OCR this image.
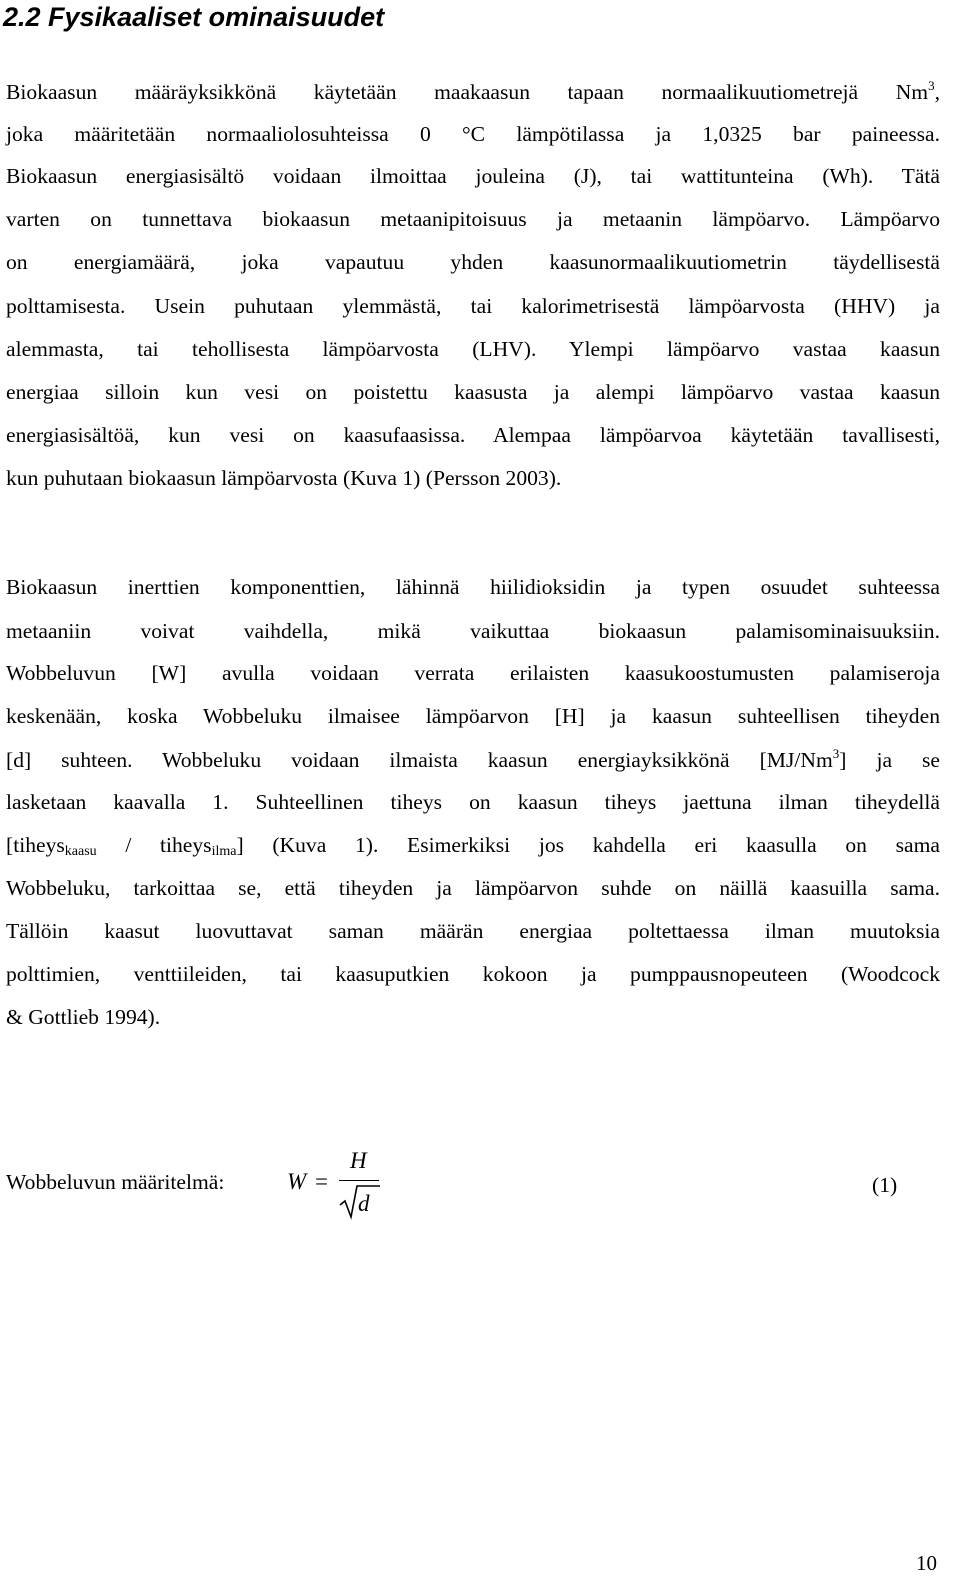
2.2 Fysikaaliset ominaisuudet
Biokaasun määräyksikkönä käytetään maakaasun tapaan normaalikuutiometrejä Nm$^3$,
joka määritetään normaaliolosuhteissa 0 °C lämpötilassa ja 1,0325 bar paineessa.
Biokaasun energiasisältö voidaan ilmoittaa jouleina (J), tai wattitunteina (Wh). Tätä
varten on tunnettava biokaasun metaanipitoisuus ja metaanin lämpöarvo. Lämpöarvo
on energiamäärä, joka vapautuu yhden kaasunormaalikuutiometrin täydellisestä
polttamisesta. Usein puhutaan ylemmästä, tai kalorimetrisestä lämpöarvosta (HHV) ja
alemmasta, tai tehollisesta lämpöarvosta (LHV). Ylempi lämpöarvo vastaa kaasun
energiaa silloin kun vesi on poistettu kaasusta ja alempi lämpöarvo vastaa kaasun
energiasisältöä, kun vesi on kaasufaasissa. Alempaa lämpöarvoa käytetään tavallisesti,
kun puhutaan biokaasun lämpöarvosta (Kuva 1) (Persson 2003).
Biokaasun inerttien komponenttien, lähinnä hiilidioksidin ja typen osuudet suhteessa
metaaniin voivat vaihdella, mikä vaikuttaa biokaasun palamisominaisuuksiin.
Wobbeluvun [W] avulla voidaan verrata erilaisten kaasukoostumusten palamiseroja
keskenään, koska Wobbeluku ilmaisee lämpöarvon [H] ja kaasun suhteellisen tiheyden
[d] suhteen. Wobbeluku voidaan ilmaista kaasun energiayksikkönä [MJ/Nm$^3$] ja se
lasketaan kaavalla 1. Suhteellinen tiheys on kaasun tiheys jaettuna ilman tiheydellä
[tiheys$_{kaasu}$ / tiheys$_{ilma}$] (Kuva 1). Esimerkiksi jos kahdella eri kaasulla on sama
Wobbeluku, tarkoittaa se, että tiheyden ja lämpöarvon suhde on näillä kaasuilla sama.
Tällöin kaasut luovuttavat saman määrän energiaa poltettaessa ilman muutoksia
polttimien, venttiileiden, tai kaasuputkien kokoon ja pumppausnopeuteen (Woodcock
& Gottlieb 1994).
Wobbeluvun määritelmä:	W =
H
d
(1)
10
